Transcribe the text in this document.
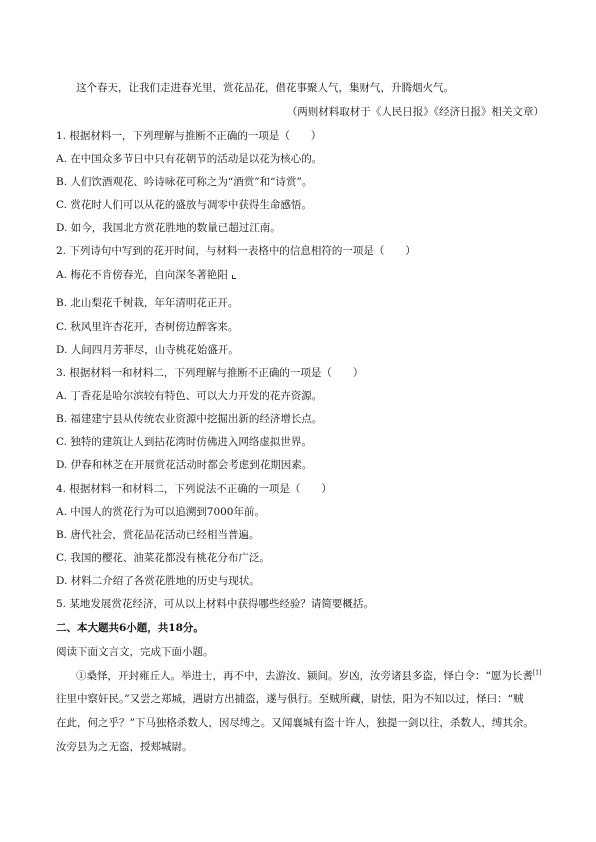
这个春天，让我们走进春光里，赏花品花，借花事聚人气，集财气，升腾烟火气。
（两则材料取材于《人民日报》《经济日报》相关文章）
1. 根据材料一，下列理解与推断不正确的一项是（　　）
A. 在中国众多节日中只有花朝节的活动是以花为核心的。
B. 人们饮酒观花、吟诗咏花可称之为“酒赏”和“诗赏”。
C. 赏花时人们可以从花的盛放与凋零中获得生命感悟。
D. 如今，我国北方赏花胜地的数量已超过江南。
2. 下列诗句中写到的花开时间，与材料一表格中的信息相符的一项是（　　）
A. 梅花不肯傍春光，自向深冬著艳阳
B. 北山梨花千树栽，年年清明花正开。
C. 秋风里许杏花开，杏树傍边醉客来。
D. 人间四月芳菲尽，山寺桃花始盛开。
3. 根据材料一和材料二，下列理解与推断不正确的一项是（　　）
A. 丁香花是哈尔滨较有特色、可以大力开发的花卉资源。
B. 福建建宁县从传统农业资源中挖掘出新的经济增长点。
C. 独特的建筑让人到拈花湾时仿佛进入网络虚拟世界。
D. 伊春和林芝在开展赏花活动时都会考虑到花期因素。
4. 根据材料一和材料二，下列说法不正确的一项是（　　）
A. 中国人的赏花行为可以追溯到7000年前。
B. 唐代社会，赏花品花活动已经相当普遍。
C. 我国的樱花、油菜花都没有桃花分布广泛。
D. 材料二介绍了各赏花胜地的历史与现状。
5. 某地发展赏花经济，可从以上材料中获得哪些经验？请简要概括。
二、本大题共6小题，共18分。
阅读下面文言文，完成下面小题。
①桑怿，开封雍丘人。举进士，再不中，去游汝、颍间。岁凶，汝旁诸县多盗，怿白令：“愿为长耆[1]
往里中察奸民。”又尝之郑城，遇尉方出捕盗，遂与俱行。至贼所藏，尉怯，阳为不知以过，怿曰：“贼
在此，何之乎？”下马独格杀数人，因尽缚之。又闻襄城有盗十许人，独提一剑以往，杀数人，缚其余。
汝旁县为之无盗，授郏城尉。
